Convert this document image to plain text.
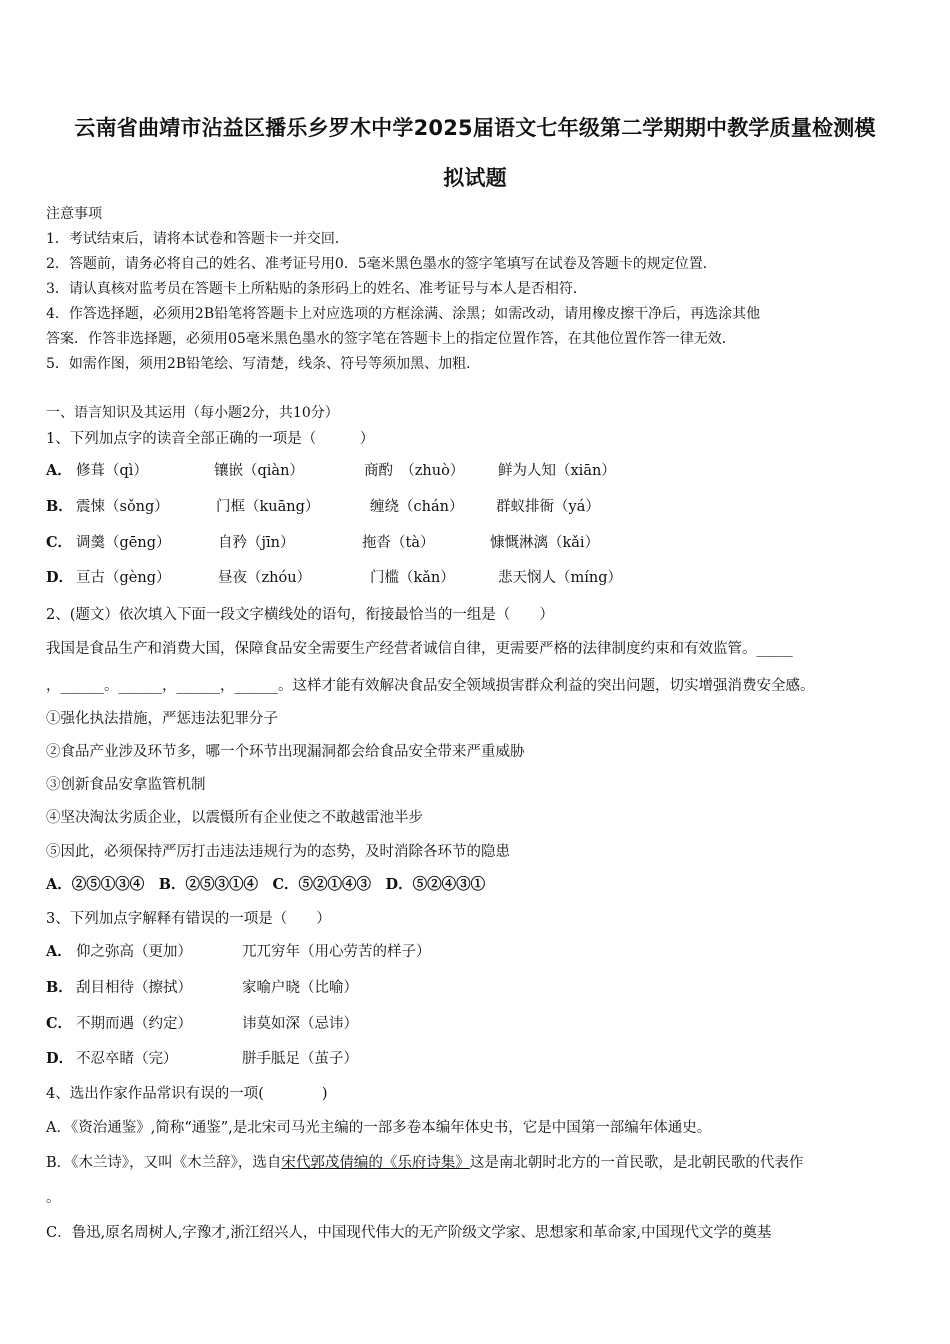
云南省曲靖市沾益区播乐乡罗木中学2025届语文七年级第二学期期中教学质量检测模
拟试题
注意事项
1．考试结束后，请将本试卷和答题卡一并交回．
2．答题前，请务必将自己的姓名、准考证号用0．5毫米黑色墨水的签字笔填写在试卷及答题卡的规定位置．
3．请认真核对监考员在答题卡上所粘贴的条形码上的姓名、准考证号与本人是否相符．
4．作答选择题，必须用2B铅笔将答题卡上对应选项的方框涂满、涂黑；如需改动，请用橡皮擦干净后，再选涂其他
答案．作答非选择题，必须用05毫米黑色墨水的签字笔在答题卡上的指定位置作答，在其他位置作答一律无效．
5．如需作图，须用2B铅笔绘、写清楚，线条、符号等须加黑、加粗．
一、语言知识及其运用（每小题2分，共10分）
1、下列加点字的读音全部正确的一项是（　　　）
A． 修葺（qì）	镶嵌（qiàn）	商酌　（zhuò） 鲜为人知（xiān）
B． 震悚（sǒng）	门框（kuāng）	缠绕（chán） 群蚁排衙（yá）
C． 调羹（gēng）	自矜（jīn）	拖沓（tà）	慷慨淋漓（kǎi）
D． 亘古（gèng）	昼夜（zhóu）	门槛（kǎn）	悲天悯人（míng）
2、(题文）依次填入下面一段文字横线处的语句，衔接最恰当的一组是（　　）
我国是食品生产和消费大国，保障食品安全需要生产经营者诚信自律，更需要严格的法律制度约束和有效监管。_____
，______。______，______，______。这样才能有效解决食品安全领域损害群众利益的突出问题，切实增强消费安全感。
①强化执法措施，严惩违法犯罪分子
②食品产业涉及环节多，哪一个环节出现漏洞都会给食品安全带来严重威胁
③创新食品安拿监管机制
④坚决淘汰劣质企业，以震慑所有企业使之不敢越雷池半步
⑤因此，必须保持严厉打击违法违规行为的态势，及时消除各环节的隐患
A．②⑤①③④　B．②⑤③①④　C．⑤②①④③　D．⑤②④③①
3、下列加点字解释有错误的一项是（　　）
A． 仰之弥高（更加）	兀兀穷年（用心劳苦的样子）
B． 刮目相待（擦拭）	家喻户晓（比喻）
C． 不期而遇（约定）	讳莫如深（忌讳）
D． 不忍卒睹（完）	胼手胝足（茧子）
4、选出作家作品常识有误的一项(　　　　)
A．《资治通鉴》,简称“通鉴”,是北宋司马光主编的一部多卷本编年体史书，它是中国第一部编年体通史。
B．《木兰诗》，又叫《木兰辞》，选自宋代郭茂倩编的《乐府诗集》这是南北朝时北方的一首民歌，是北朝民歌的代表作
。
C．鲁迅,原名周树人,字豫才,浙江绍兴人，中国现代伟大的无产阶级文学家、思想家和革命家,中国现代文学的奠基
